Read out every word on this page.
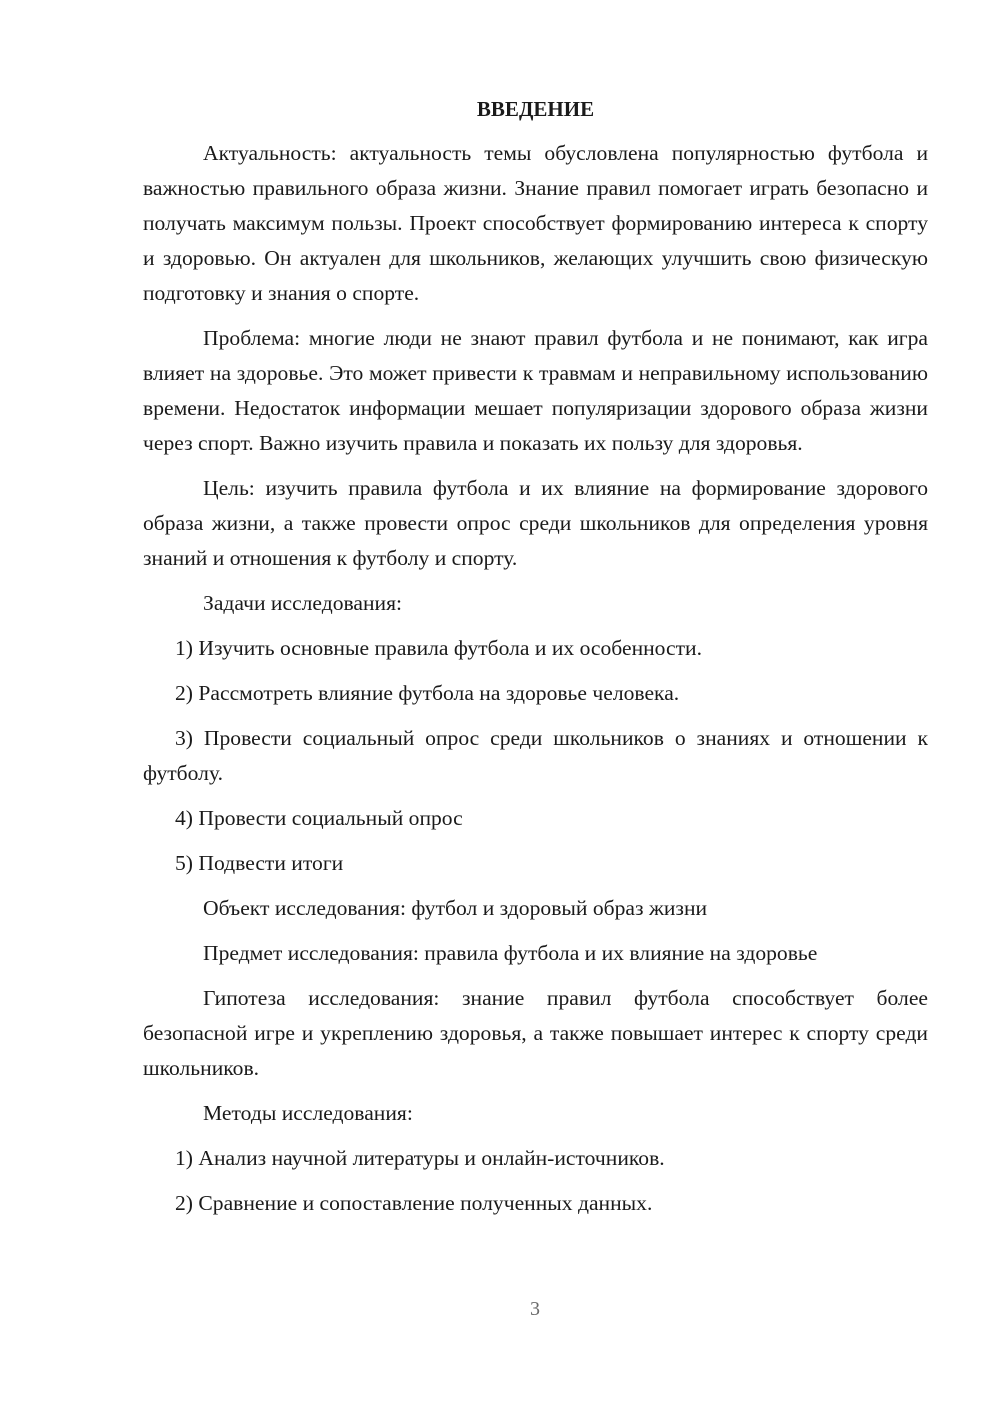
ВВЕДЕНИЕ

Актуальность: актуальность темы обусловлена популярностью футбола и важностью правильного образа жизни. Знание правил помогает играть безопасно и получать максимум пользы. Проект способствует формированию интереса к спорту и здоровью. Он актуален для школьников, желающих улучшить свою физическую подготовку и знания о спорте.

Проблема: многие люди не знают правил футбола и не понимают, как игра влияет на здоровье. Это может привести к травмам и неправильному использованию времени. Недостаток информации мешает популяризации здорового образа жизни через спорт. Важно изучить правила и показать их пользу для здоровья.

Цель: изучить правила футбола и их влияние на формирование здорового образа жизни, а также провести опрос среди школьников для определения уровня знаний и отношения к футболу и спорту.

Задачи исследования:
1) Изучить основные правила футбола и их особенности.
2) Рассмотреть влияние футбола на здоровье человека.

3) Провести социальный опрос среди школьников о знаниях и отношении к футболу.

4) Провести социальный опрос
5) Подвести итоги
Объект исследования: футбол и здоровый образ жизни
Предмет исследования: правила футбола и их влияние на здоровье

Гипотеза исследования: знание правил футбола способствует более безопасной игре и укреплению здоровья, а также повышает интерес к спорту среди школьников.

Методы исследования:
1) Анализ научной литературы и онлайн-источников.
2) Сравнение и сопоставление полученных данных.
3
